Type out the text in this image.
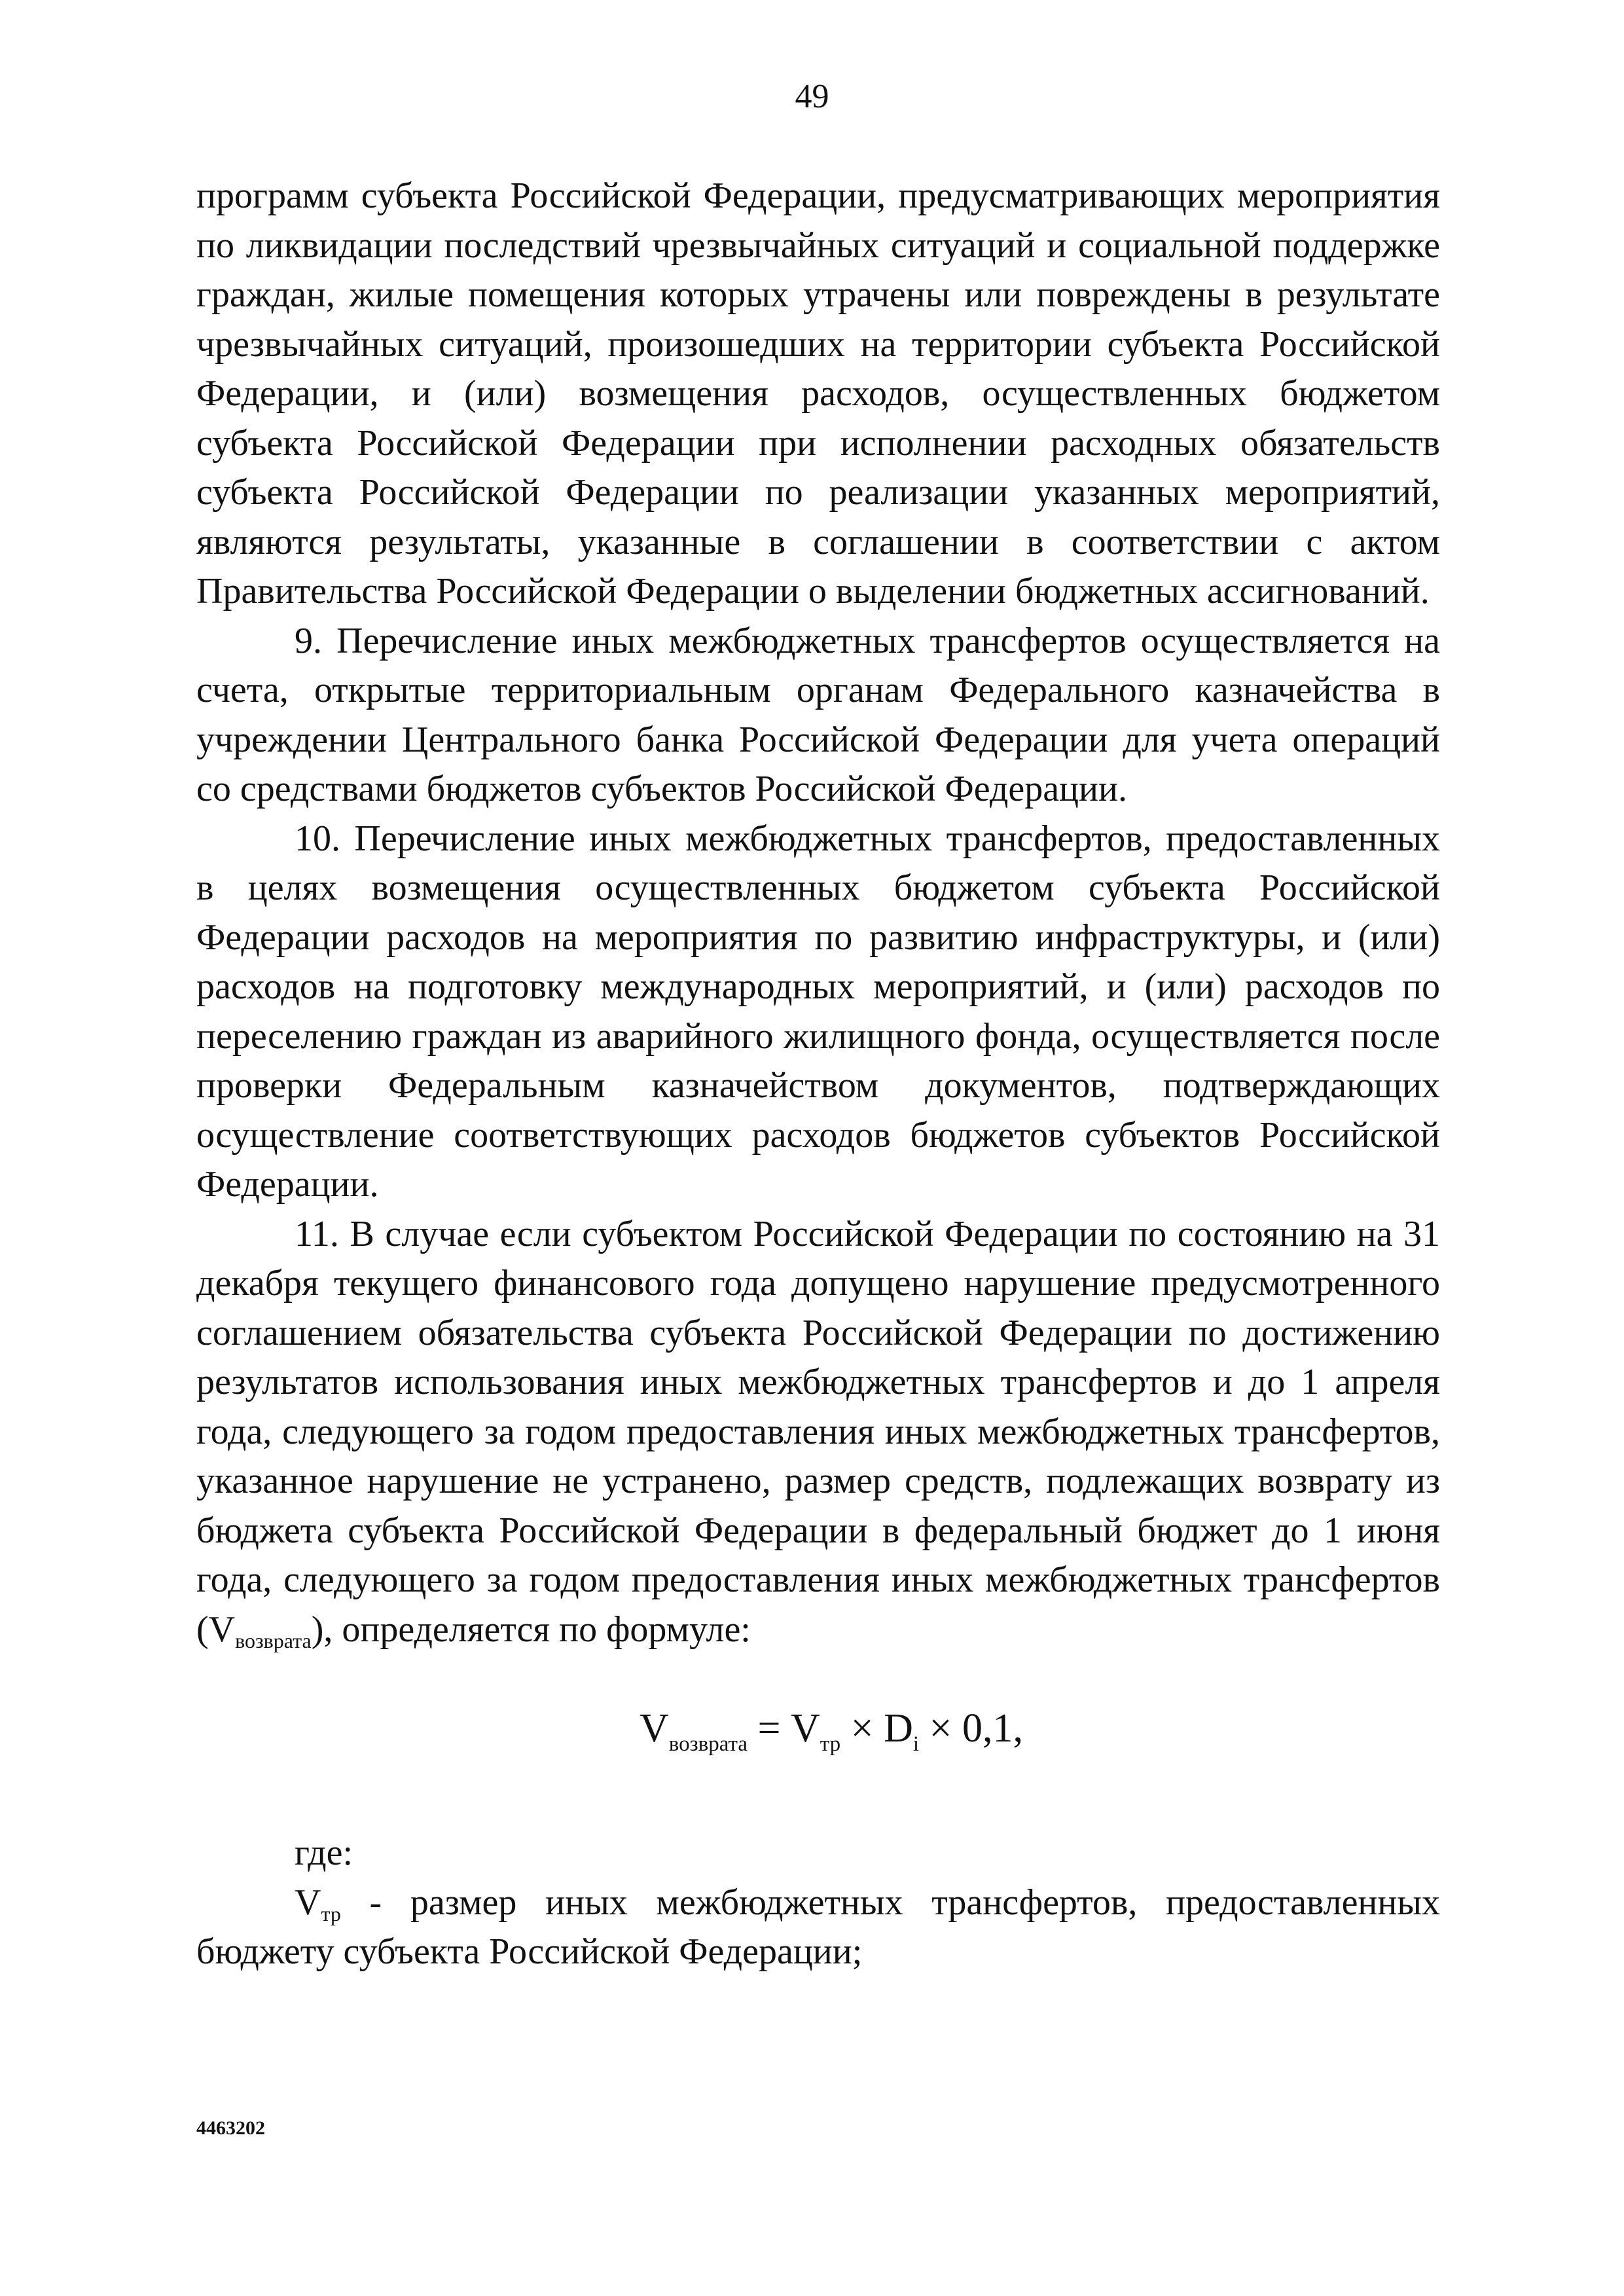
49

программ субъекта Российской Федерации, предусматривающих мероприятия по ликвидации последствий чрезвычайных ситуаций и социальной поддержке граждан, жилые помещения которых утрачены или повреждены в результате чрезвычайных ситуаций, произошедших на территории субъекта Российской Федерации, и (или) возмещения расходов, осуществленных бюджетом субъекта Российской Федерации при исполнении расходных обязательств субъекта Российской Федерации по реализации указанных мероприятий, являются результаты, указанные в соглашении в соответствии с актом Правительства Российской Федерации о выделении бюджетных ассигнований.

9. Перечисление иных межбюджетных трансфертов осуществляется на счета, открытые территориальным органам Федерального казначейства в учреждении Центрального банка Российской Федерации для учета операций со средствами бюджетов субъектов Российской Федерации.

10. Перечисление иных межбюджетных трансфертов, предоставленных в целях возмещения осуществленных бюджетом субъекта Российской Федерации расходов на мероприятия по развитию инфраструктуры, и (или) расходов на подготовку международных мероприятий, и (или) расходов по переселению граждан из аварийного жилищного фонда, осуществляется после проверки Федеральным казначейством документов, подтверждающих осуществление соответствующих расходов бюджетов субъектов Российской Федерации.

11. В случае если субъектом Российской Федерации по состоянию на 31 декабря текущего финансового года допущено нарушение предусмотренного соглашением обязательства субъекта Российской Федерации по достижению результатов использования иных межбюджетных трансфертов и до 1 апреля года, следующего за годом предоставления иных межбюджетных трансфертов, указанное нарушение не устранено, размер средств, подлежащих возврату из бюджета субъекта Российской Федерации в федеральный бюджет до 1 июня года, следующего за годом предоставления иных межбюджетных трансфертов (Vвозврата), определяется по формуле:

$V_{возврата} = V_{тр} \times D_i \times 0,1$,

где:

Vтр - размер иных межбюджетных трансфертов, предоставленных бюджету субъекта Российской Федерации;

4463202
